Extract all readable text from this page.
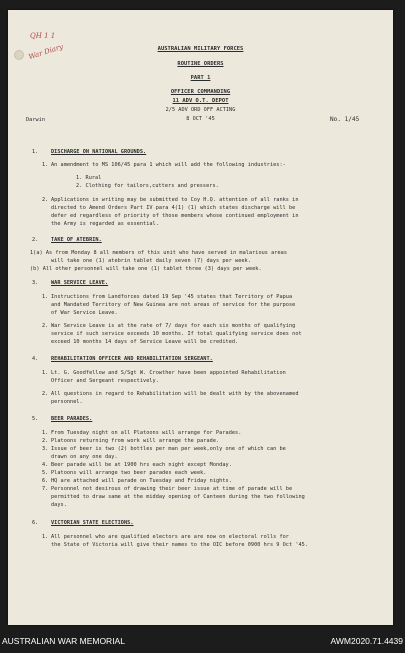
QH 1 1
War Diary	AUSTRALIAN MILITARY FORCES
ROUTINE ORDERS
PART 1
OFFICER COMMANDING
11 ADV O.T. DEPOT
2/5 ADV ORD OFF ACTING
Darwin	8 OCT '45	No. 1/45
1. DISCHARGE ON NATIONAL GROUNDS.
1. An amendment to MS 106/45 para 1 which will add the following industries:-
1. Rural
2. Clothing for tailors,cutters and pressers.
2. Applications in writing may be submitted to Coy H.Q. attention of all ranks in
directed to Amend Orders Part IV para 4(1) (1) which states discharge will be
defer ed regardless of priority of those members whose continued employment in
the Army is regarded as essential.
2. TAKE OF ATEBRIN.
1(a) As from Monday 8 all members of this unit who have served in malarious areas
will take one (1) atebrin tablet daily seven (7) days per week.
(b) All other personnel will take one (1) tablet three (3) days per week.
3. WAR SERVICE LEAVE.
1. Instructions from Landforces dated 19 Sep '45 states that Territory of Papua
and Mandated Territory of New Guinea are not areas of service for the purpose
of War Service Leave.
2. War Service Leave is at the rate of 7/ days for each six months of qualifying
service if such service exceeds 10 months. If total qualifying service does not
exceed 10 months 14 days of Service Leave will be credited.
4. REHABILITATION OFFICER AND REHABILITATION SERGEANT.
1. Lt. G. Goodfellow and S/Sgt W. Crowther have been appointed Rehabilitation
Officer and Sergeant respectively.
2. All questions in regard to Rehabilitation will be dealt with by the abovenamed
personnel.
5. BEER PARADES.
1. From Tuesday night on all Platoons will arrange for Parades.
2. Platoons returning from work will arrange the parade.
3. Issue of beer is two (2) bottles per man per week,only one of which can be
drawn on any one day.
4. Beer parade will be at 1900 hrs each night except Monday.
5. Platoons will arrange two beer parades each week.
6. HQ are attached will parade on Tuesday and Friday nights.
7. Personnel not desirous of drawing their beer issue at time of parade will be
permitted to draw same at the midday opening of Canteen during the two following
days.
6. VICTORIAN STATE ELECTIONS.
1. All personnel who are qualified electors are are now on electoral rolls for
the State of Victoria will give their names to the OIC before 0900 hrs 9 Oct '45.
AUSTRALIAN WAR MEMORIAL	AWM2020.71.4439
